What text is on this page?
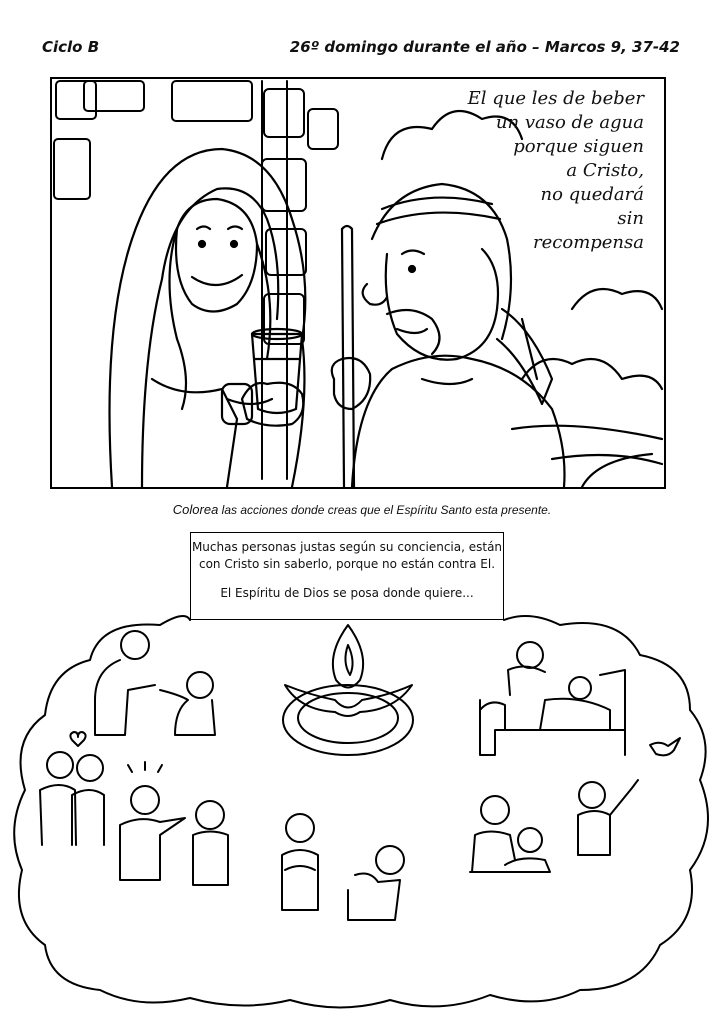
Ciclo B	26º domingo durante el año – Marcos 9, 37-42
El que les de beber
un vaso de agua
porque siguen
a Cristo,
no quedará
sin
recompensa
Colorea las acciones donde creas que el Espíritu Santo esta presente.

Muchas personas justas según su conciencia, están

con Cristo sin saberlo, porque no están contra El.

El Espíritu de Dios se posa donde quiere...
